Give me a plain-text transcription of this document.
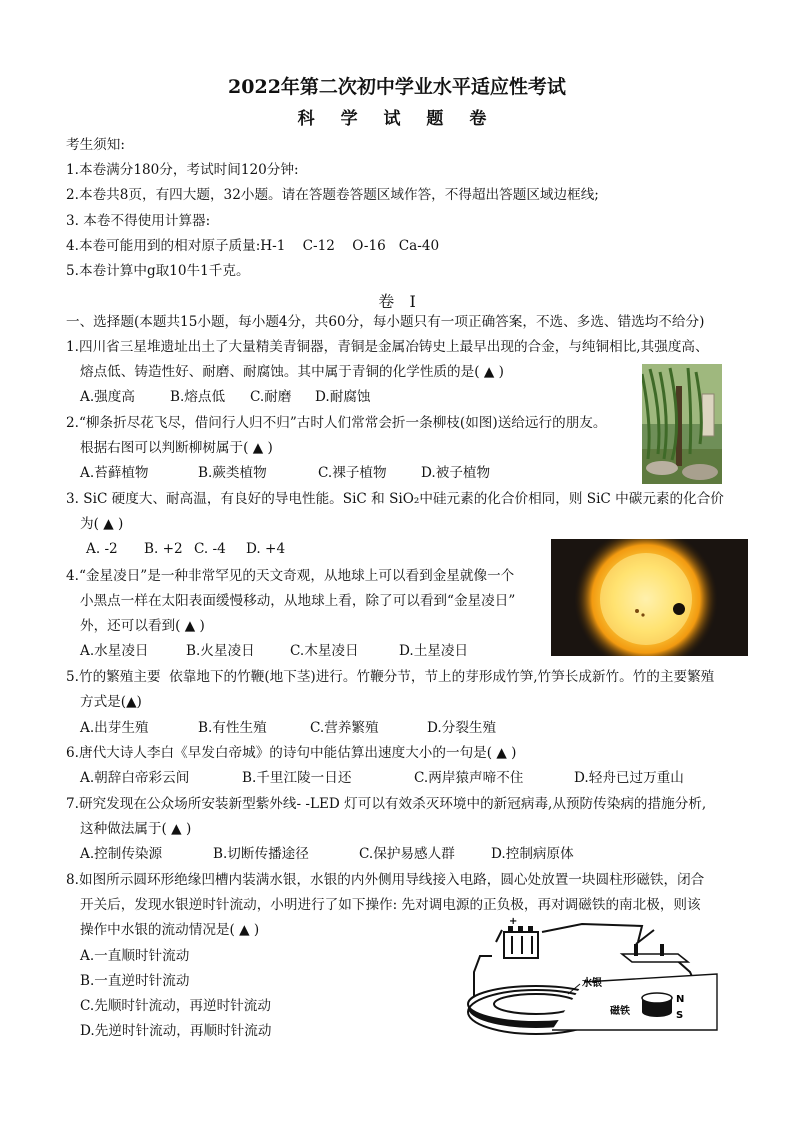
2022年第二次初中学业水平适应性考试
科 学 试 题 卷
考生须知:
1.本卷满分180分，考试时间120分钟:
2.本卷共8页，有四大题，32小题。请在答题卷答题区域作答，不得超出答题区域边框线;
3. 本卷不得使用计算器:
4.本卷可能用到的相对原子质量:H-1    C-12    O-16   Ca-40
5.本卷计算中g取10牛1千克。
卷   I
一、选择题(本题共15小题，每小题4分，共60分，每小题只有一项正确答案，不选、多选、错选均不给分)
1.四川省三星堆遗址出土了大量精美青铜器，青铜是金属冶铸史上最早出现的合金，与纯铜相比,其强度高、
熔点低、铸造性好、耐磨、耐腐蚀。其中属于青铜的化学性质的是( ▲ )
A.强度高	B.熔点低 C.耐磨 D.耐腐蚀
2.“柳条折尽花飞尽，借问行人归不归”古时人们常常会折一条柳枝(如图)送给远行的朋友。
根据右图可以判断柳树属于( ▲ )
A.苔藓植物	B.蕨类植物	C.裸子植物	D.被子植物
3. SiC 硬度大、耐高温，有良好的导电性能。SiC 和 SiO₂中硅元素的化合价相同，则 SiC 中碳元素的化合价
为( ▲ )
A. -2 B. +2 C. -4 D. +4
4.“金星凌日”是一种非常罕见的天文奇观，从地球上可以看到金星就像一个
小黑点一样在太阳表面缓慢移动，从地球上看，除了可以看到“金星凌日”
外，还可以看到( ▲ )
A.水星凌日	B.火星凌日	C.木星凌日	D.土星凌日
5.竹的繁殖主要  依靠地下的竹鞭(地下茎)进行。竹鞭分节，节上的芽形成竹笋,竹笋长成新竹。竹的主要繁殖
方式是(▲)
A.出芽生殖	B.有性生殖	C.营养繁殖	D.分裂生殖
6.唐代大诗人李白《早发白帝城》的诗句中能估算出速度大小的一句是( ▲ )
A.朝辞白帝彩云间	B.千里江陵一日还	C.两岸猿声啼不住	D.轻舟已过万重山
7.研究发现在公众场所安装新型紫外线- -LED 灯可以有效杀灭环境中的新冠病毒,从预防传染病的措施分析,
这种做法属于( ▲ )
A.控制传染源	B.切断传播途径	C.保护易感人群	D.控制病原体
8.如图所示圆环形绝缘凹槽内装满水银，水银的内外侧用导线接入电路，圆心处放置一块圆柱形磁铁，闭合
开关后，发现水银逆时针流动，小明进行了如下操作: 先对调电源的正负极，再对调磁铁的南北极，则该
操作中水银的流动情况是( ▲ )
A.一直顺时针流动
B.一直逆时针流动
C.先顺时针流动，再逆时针流动
D.先逆时针流动，再顺时针流动
+
水银
磁铁
N
S
